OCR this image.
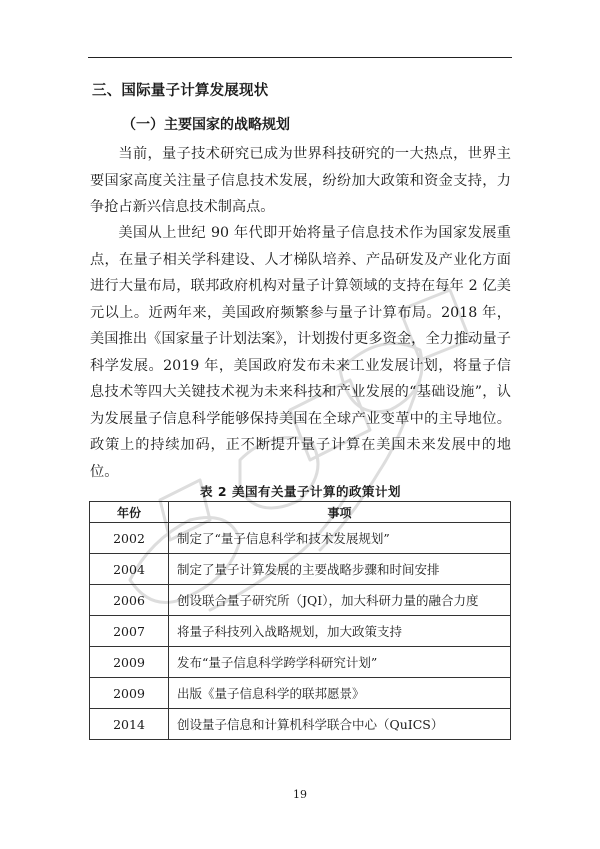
三、国际量子计算发展现状
（一）主要国家的战略规划

当前，量子技术研究已成为世界科技研究的一大热点，世界主要国家高度关注量子信息技术发展，纷纷加大政策和资金支持，力争抢占新兴信息技术制高点。

美国从上世纪 90 年代即开始将量子信息技术作为国家发展重点，在量子相关学科建设、人才梯队培养、产品研发及产业化方面进行大量布局，联邦政府机构对量子计算领域的支持在每年 2 亿美元以上。近两年来，美国政府频繁参与量子计算布局。2018 年，美国推出《国家量子计划法案》，计划拨付更多资金，全力推动量子科学发展。2019 年，美国政府发布未来工业发展计划，将量子信息技术等四大关键技术视为未来科技和产业发展的“基础设施”，认为发展量子信息科学能够保持美国在全球产业变革中的主导地位。政策上的持续加码，正不断提升量子计算在美国未来发展中的地位。

表 2 美国有关量子计算的政策计划
年份	事项
2002	制定了“量子信息科学和技术发展规划”
2004	制定了量子计算发展的主要战略步骤和时间安排
2006	创设联合量子研究所（JQI），加大科研力量的融合力度
2007	将量子科技列入战略规划，加大政策支持
2009	发布“量子信息科学跨学科研究计划”
2009	出版《量子信息科学的联邦愿景》
2014	创设量子信息和计算机科学联合中心（QuICS）
19
